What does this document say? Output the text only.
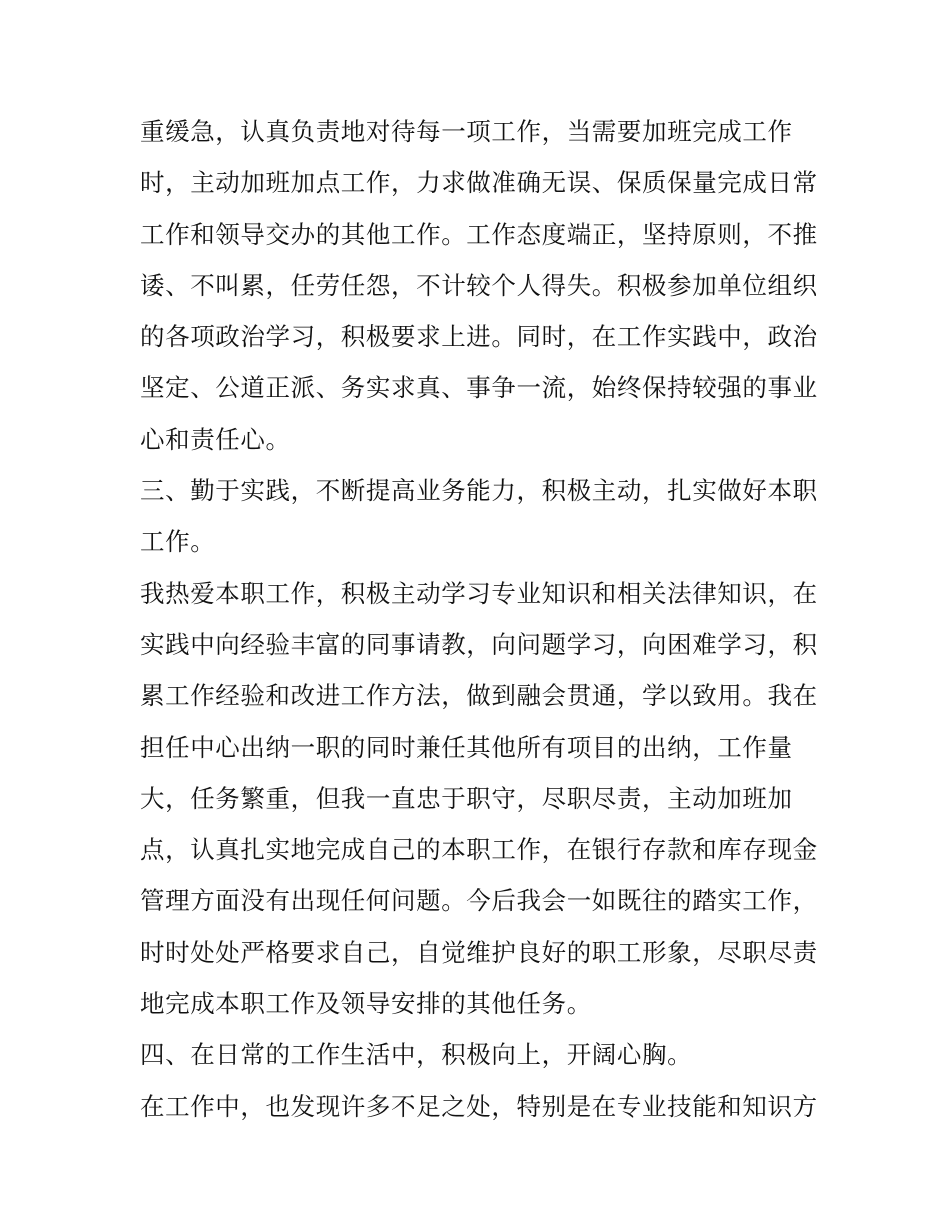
重缓急，认真负责地对待每一项工作，当需要加班完成工作
时，主动加班加点工作，力求做准确无误、保质保量完成日常
工作和领导交办的其他工作。工作态度端正，坚持原则，不推
诿、不叫累，任劳任怨，不计较个人得失。积极参加单位组织
的各项政治学习，积极要求上进。同时，在工作实践中，政治
坚定、公道正派、务实求真、事争一流，始终保持较强的事业
心和责任心。
三、勤于实践，不断提高业务能力，积极主动，扎实做好本职
工作。
我热爱本职工作，积极主动学习专业知识和相关法律知识，在
实践中向经验丰富的同事请教，向问题学习，向困难学习，积
累工作经验和改进工作方法，做到融会贯通，学以致用。我在
担任中心出纳一职的同时兼任其他所有项目的出纳，工作量
大，任务繁重，但我一直忠于职守，尽职尽责，主动加班加
点，认真扎实地完成自己的本职工作，在银行存款和库存现金
管理方面没有出现任何问题。今后我会一如既往的踏实工作，
时时处处严格要求自己，自觉维护良好的职工形象，尽职尽责
地完成本职工作及领导安排的其他任务。
四、在日常的工作生活中，积极向上，开阔心胸。
在工作中，也发现许多不足之处，特别是在专业技能和知识方
